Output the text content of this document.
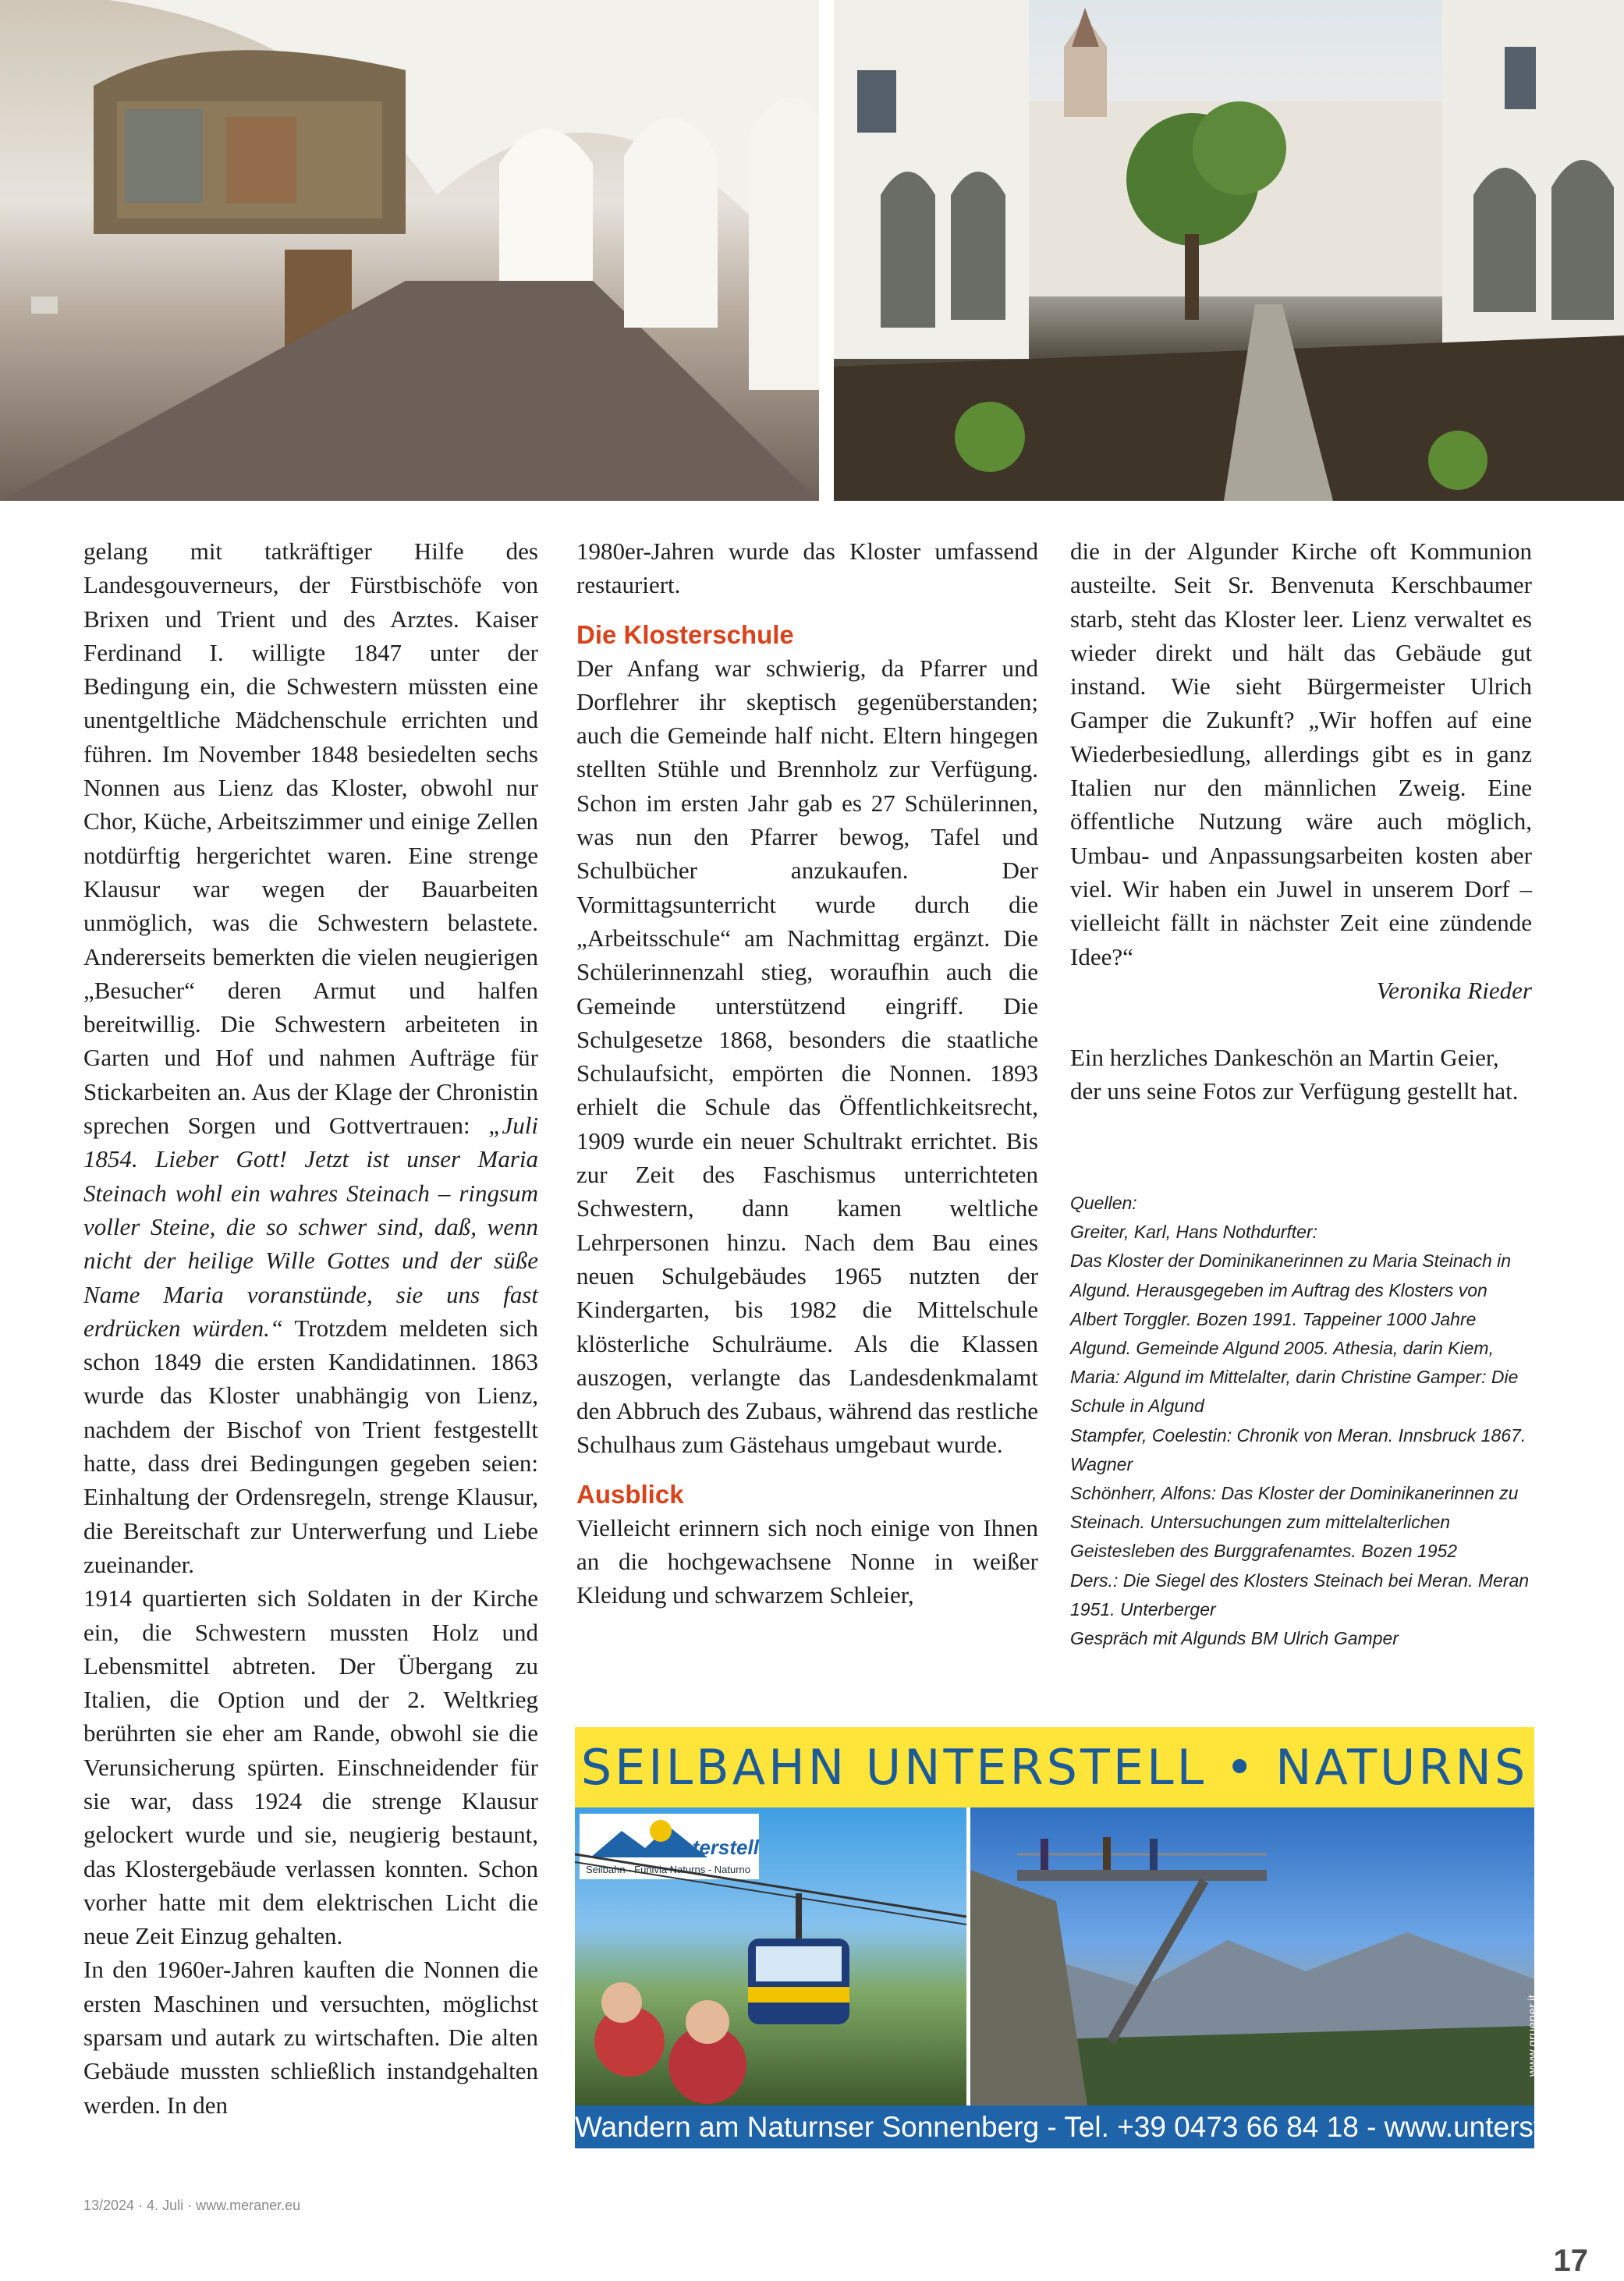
gelang mit tatkräftiger Hilfe des Landesgouverneurs, der Fürstbischöfe von Brixen und Trient und des Arztes. Kaiser Ferdinand I. willigte 1847 unter der Bedingung ein, die Schwestern müssten eine unentgeltliche Mädchenschule errichten und führen. Im November 1848 besiedelten sechs Nonnen aus Lienz das Kloster, obwohl nur Chor, Küche, Arbeitszimmer und einige Zellen notdürftig hergerichtet waren. Eine strenge Klausur war wegen der Bauarbeiten unmöglich, was die Schwestern belastete. Andererseits bemerkten die vielen neugierigen „Besucher“ deren Armut und halfen bereitwillig. Die Schwestern arbeiteten in Garten und Hof und nahmen Aufträge für Stickarbeiten an. Aus der Klage der Chronistin sprechen Sorgen und Gottvertrauen: „Juli 1854. Lieber Gott! Jetzt ist unser Maria Steinach wohl ein wahres Steinach – ringsum voller Steine, die so schwer sind, daß, wenn nicht der heilige Wille Gottes und der süße Name Maria voranstünde, sie uns fast erdrücken würden.“ Trotzdem meldeten sich schon 1849 die ersten Kandidatinnen. 1863 wurde das Kloster unabhängig von Lienz, nachdem der Bischof von Trient festgestellt hatte, dass drei Bedingungen gegeben seien: Einhaltung der Ordensregeln, strenge Klausur, die Bereitschaft zur Unterwerfung und Liebe zueinander.

1914 quartierten sich Soldaten in der Kirche ein, die Schwestern mussten Holz und Lebensmittel abtreten. Der Übergang zu Italien, die Option und der 2. Weltkrieg berührten sie eher am Rande, obwohl sie die Verunsicherung spürten. Einschneidender für sie war, dass 1924 die strenge Klausur gelockert wurde und sie, neugierig bestaunt, das Klostergebäude verlassen konnten. Schon vorher hatte mit dem elektrischen Licht die neue Zeit Einzug gehalten.

In den 1960er-Jahren kauften die Nonnen die ersten Maschinen und versuchten, möglichst sparsam und autark zu wirtschaften. Die alten Gebäude mussten schließlich instandgehalten werden. In den

1980er-Jahren wurde das Kloster umfassend restauriert.

Die Klosterschule

Der Anfang war schwierig, da Pfarrer und Dorflehrer ihr skeptisch gegenüberstanden; auch die Gemeinde half nicht. Eltern hingegen stellten Stühle und Brennholz zur Verfügung. Schon im ersten Jahr gab es 27 Schülerinnen, was nun den Pfarrer bewog, Tafel und Schulbücher anzukaufen. Der Vormittagsunterricht wurde durch die „Arbeitsschule“ am Nachmittag ergänzt. Die Schülerinnenzahl stieg, woraufhin auch die Gemeinde unterstützend eingriff. Die Schulgesetze 1868, besonders die staatliche Schulaufsicht, empörten die Nonnen. 1893 erhielt die Schule das Öffentlichkeitsrecht, 1909 wurde ein neuer Schultrakt errichtet. Bis zur Zeit des Faschismus unterrichteten Schwestern, dann kamen weltliche Lehrpersonen hinzu. Nach dem Bau eines neuen Schulgebäudes 1965 nutzten der Kindergarten, bis 1982 die Mittelschule klösterliche Schulräume. Als die Klassen auszogen, verlangte das Landesdenkmalamt den Abbruch des Zubaus, während das restliche Schulhaus zum Gästehaus umgebaut wurde.

Ausblick

Vielleicht erinnern sich noch einige von Ihnen an die hochgewachsene Nonne in weißer Kleidung und schwarzem Schleier,

die in der Algunder Kirche oft Kommunion austeilte. Seit Sr. Benvenuta Kerschbaumer starb, steht das Kloster leer. Lienz verwaltet es wieder direkt und hält das Gebäude gut instand. Wie sieht Bürgermeister Ulrich Gamper die Zukunft? „Wir hoffen auf eine Wiederbesiedlung, allerdings gibt es in ganz Italien nur den männlichen Zweig. Eine öffentliche Nutzung wäre auch möglich, Umbau- und Anpassungsarbeiten kosten aber viel. Wir haben ein Juwel in unserem Dorf – vielleicht fällt in nächster Zeit eine zündende Idee?“

Veronika Rieder

Ein herzliches Dankeschön an Martin Geier, der uns seine Fotos zur Verfügung gestellt hat.

Quellen:

Greiter, Karl, Hans Nothdurfter:
Das Kloster der Dominikanerinnen zu Maria Steinach in Algund. Herausgegeben im Auftrag des Klosters von Albert Torggler. Bozen 1991. Tappeiner 1000 Jahre Algund. Gemeinde Algund 2005. Athesia, darin Kiem, Maria: Algund im Mittelalter, darin Christine Gamper: Die Schule in Algund
Stampfer, Coelestin: Chronik von Meran. Innsbruck 1867. Wagner
Schönherr, Alfons: Das Kloster der Dominikanerinnen zu Steinach. Untersuchungen zum mittelalterlichen Geistesleben des Burggrafenamtes. Bozen 1952
Ders.: Die Siegel des Klosters Steinach bei Meran. Meran 1951. Unterberger
Gespräch mit Algunds BM Ulrich Gamper

SEILBAHN UNTERSTELL • NATURNS
Unterstell
Seilbahn - Funivia Naturns - Naturno
www.gruener.it
Wandern am Naturnser Sonnenberg - Tel. +39 0473 66 84 18 - www.unterstell.it
13/2024 · 4. Juli · www.meraner.eu
17
